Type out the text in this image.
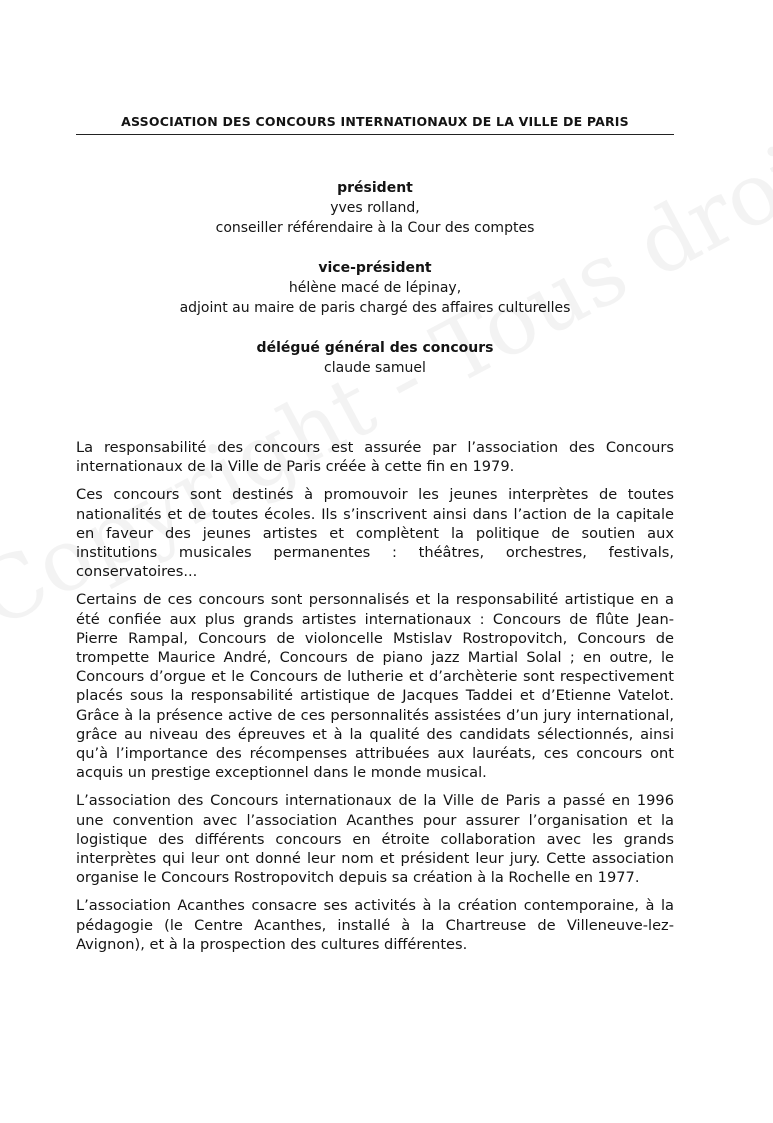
ASSOCIATION DES CONCOURS INTERNATIONAUX DE LA VILLE DE PARIS
président
yves rolland,
conseiller référendaire à la Cour des comptes
vice-président
hélène macé de lépinay,
adjoint au maire de paris chargé des affaires culturelles
délégué général des concours
claude samuel

La responsabilité des concours est assurée par l’association des Concours internationaux de la Ville de Paris créée à cette fin en 1979.

Ces concours sont destinés à promouvoir les jeunes interprètes de toutes nationalités et de toutes écoles. Ils s’inscrivent ainsi dans l’action de la capitale en faveur des jeunes artistes et complètent la politique de soutien aux institutions musicales permanentes : théâtres, orchestres, festivals, conservatoires...

Certains de ces concours sont personnalisés et la responsabilité artistique en a été confiée aux plus grands artistes internationaux : Concours de flûte Jean-Pierre Rampal, Concours de violoncelle Mstislav Rostropovitch, Concours de trompette Maurice André, Concours de piano jazz Martial Solal ; en outre, le Concours d’orgue et le Concours de lutherie et d’archèterie sont respectivement placés sous la responsabilité artistique de Jacques Taddei et d’Etienne Vatelot. Grâce à la présence active de ces personnalités assistées d’un jury international, grâce au niveau des épreuves et à la qualité des candidats sélectionnés, ainsi qu’à l’importance des récompenses attribuées aux lauréats, ces concours ont acquis un prestige exceptionnel dans le monde musical.

L’association des Concours internationaux de la Ville de Paris a passé en 1996 une convention avec l’association Acanthes pour assurer l’organisation et la logistique des différents concours en étroite collaboration avec les grands interprètes qui leur ont donné leur nom et président leur jury. Cette association organise le Concours Rostropovitch depuis sa création à la Rochelle en 1977.

L’association Acanthes consacre ses activités à la création contemporaine, à la pédagogie (le Centre Acanthes, installé à la Chartreuse de Villeneuve-lez-Avignon), et à la prospection des cultures différentes.
